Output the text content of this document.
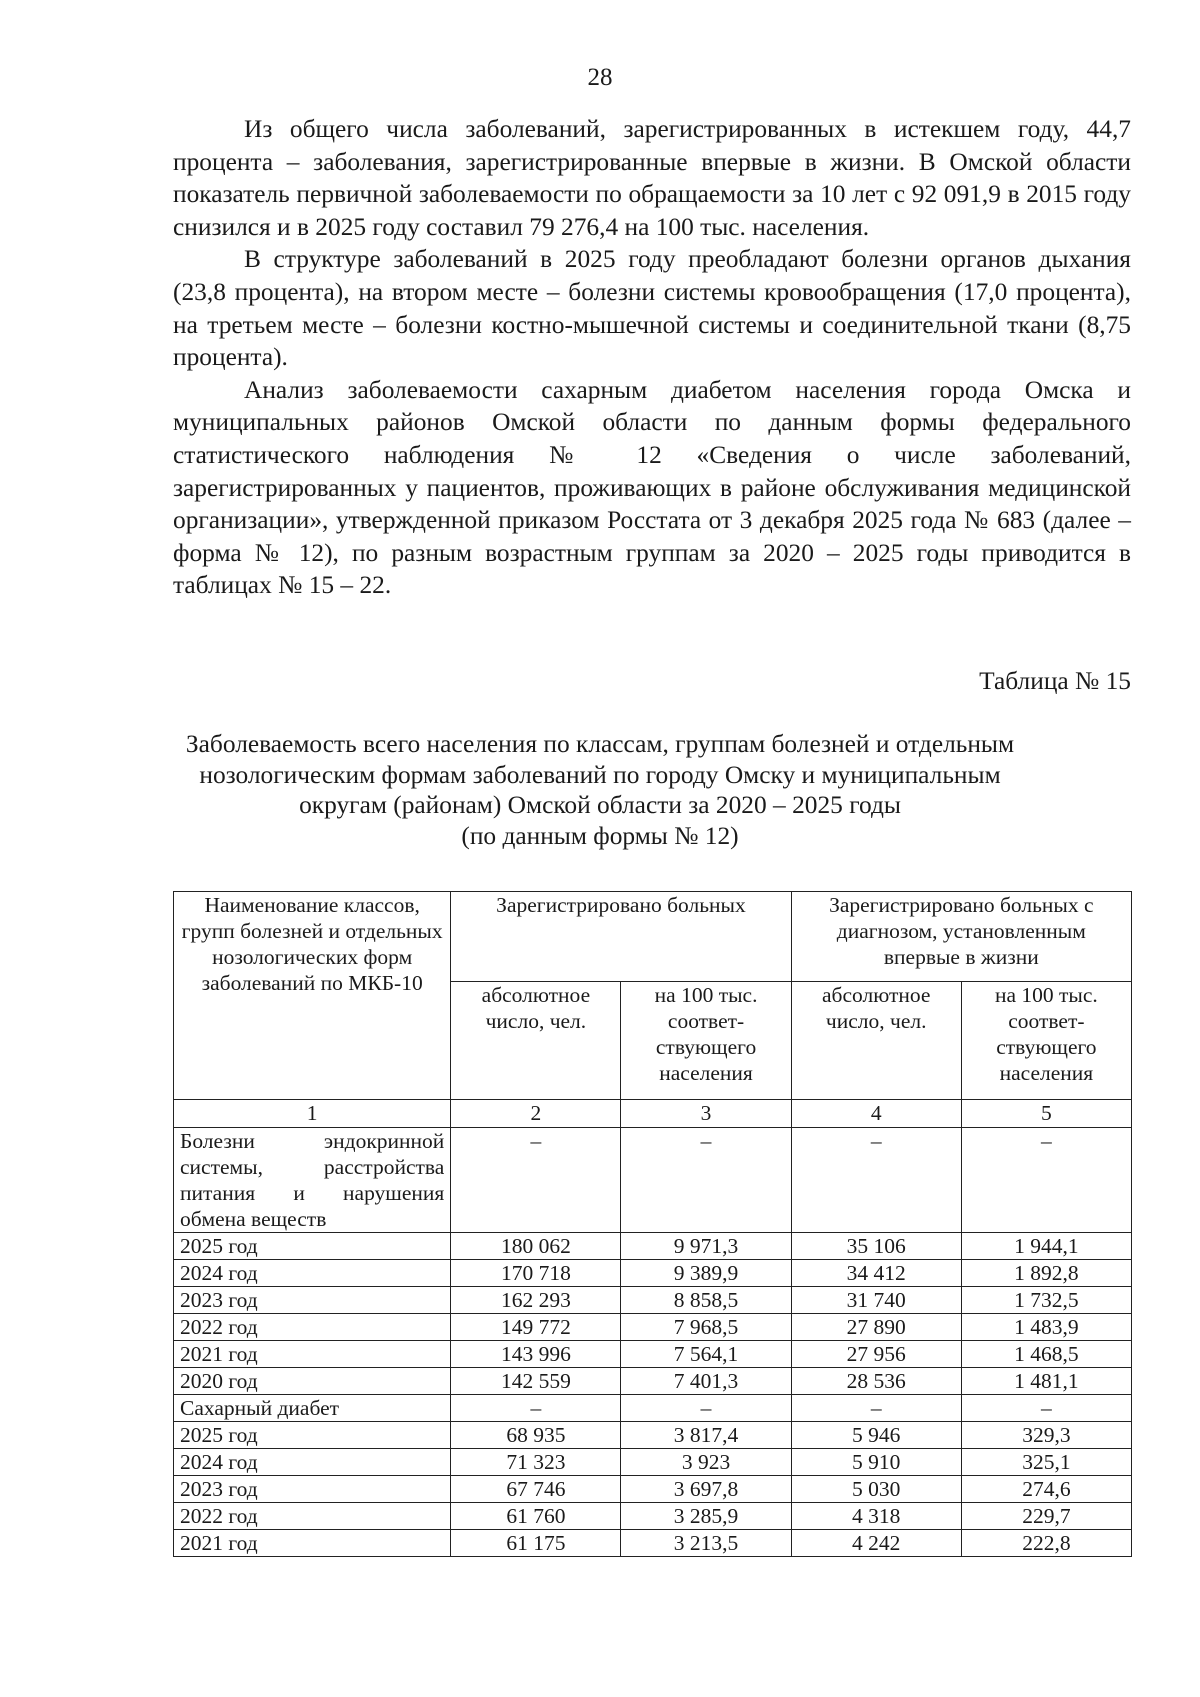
28

Из общего числа заболеваний, зарегистрированных в истекшем году, 44,7 процента – заболевания, зарегистрированные впервые в жизни. В Омской области показатель первичной заболеваемости по обращаемости за 10 лет с 92 091,9 в 2015 году снизился и в 2025 году составил 79 276,4 на 100 тыс. населения.

В структуре заболеваний в 2025 году преобладают болезни органов дыхания (23,8 процента), на втором месте – болезни системы кровообращения (17,0 процента), на третьем месте – болезни костно-мышечной системы и соединительной ткани (8,75 процента).

Анализ заболеваемости сахарным диабетом населения города Омска и муниципальных районов Омской области по данным формы федерального статистического наблюдения № 12 «Сведения о числе заболеваний, зарегистрированных у пациентов, проживающих в районе обслуживания медицинской организации», утвержденной приказом Росстата от 3 декабря 2025 года № 683 (далее – форма № 12), по разным возрастным группам за 2020 – 2025 годы приводится в таблицах № 15 – 22.

Таблица № 15
Заболеваемость всего населения по классам, группам болезней и отдельным
нозологическим формам заболеваний по городу Омску и муниципальным
округам (районам) Омской области за 2020 – 2025 годы
(по данным формы № 12)
Наименование классов, групп болезней и отдельных нозологических форм заболеваний по МКБ-10	Зарегистрировано больных		Зарегистрировано больных с диагнозом, установленным впервые в жизни	
	абсолютное число, чел.	на 100 тыс. соответ-ствующего населения	абсолютное число, чел.	на 100 тыс. соответ-ствующего населения
1	2	3	4	5
Болезни эндокринной системы, расстройства питания и нарушения обмена веществ	–	–	–	–
2025 год	180 062	9 971,3	35 106	1 944,1
2024 год	170 718	9 389,9	34 412	1 892,8
2023 год	162 293	8 858,5	31 740	1 732,5
2022 год	149 772	7 968,5	27 890	1 483,9
2021 год	143 996	7 564,1	27 956	1 468,5
2020 год	142 559	7 401,3	28 536	1 481,1
Сахарный диабет	–	–	–	–
2025 год	68 935	3 817,4	5 946	329,3
2024 год	71 323	3 923	5 910	325,1
2023 год	67 746	3 697,8	5 030	274,6
2022 год	61 760	3 285,9	4 318	229,7
2021 год	61 175	3 213,5	4 242	222,8
